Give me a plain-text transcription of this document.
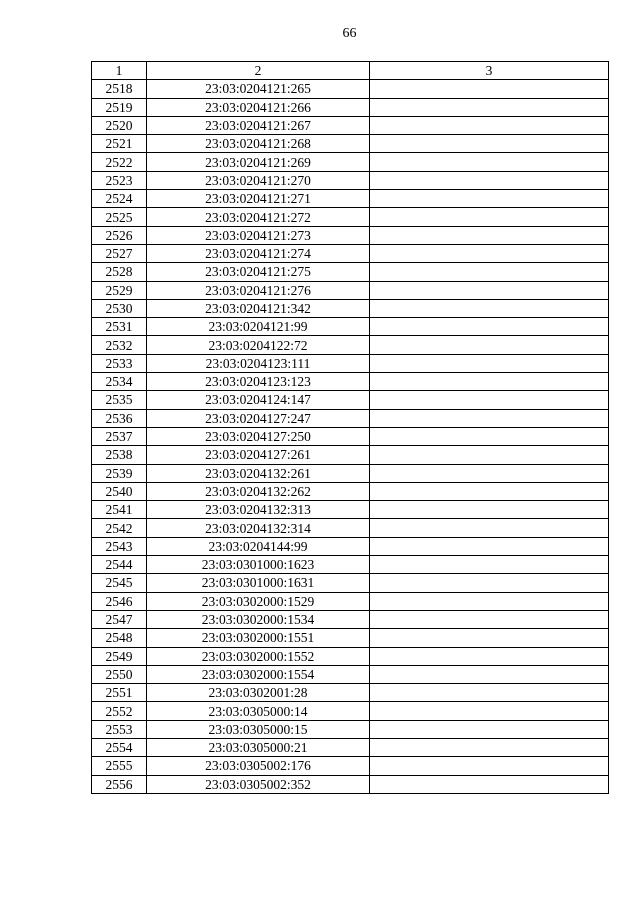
66
1	2	3
2518	23:03:0204121:265	
2519	23:03:0204121:266	
2520	23:03:0204121:267	
2521	23:03:0204121:268	
2522	23:03:0204121:269	
2523	23:03:0204121:270	
2524	23:03:0204121:271	
2525	23:03:0204121:272	
2526	23:03:0204121:273	
2527	23:03:0204121:274	
2528	23:03:0204121:275	
2529	23:03:0204121:276	
2530	23:03:0204121:342	
2531	23:03:0204121:99	
2532	23:03:0204122:72	
2533	23:03:0204123:111	
2534	23:03:0204123:123	
2535	23:03:0204124:147	
2536	23:03:0204127:247	
2537	23:03:0204127:250	
2538	23:03:0204127:261	
2539	23:03:0204132:261	
2540	23:03:0204132:262	
2541	23:03:0204132:313	
2542	23:03:0204132:314	
2543	23:03:0204144:99	
2544	23:03:0301000:1623	
2545	23:03:0301000:1631	
2546	23:03:0302000:1529	
2547	23:03:0302000:1534	
2548	23:03:0302000:1551	
2549	23:03:0302000:1552	
2550	23:03:0302000:1554	
2551	23:03:0302001:28	
2552	23:03:0305000:14	
2553	23:03:0305000:15	
2554	23:03:0305000:21	
2555	23:03:0305002:176	
2556	23:03:0305002:352	
